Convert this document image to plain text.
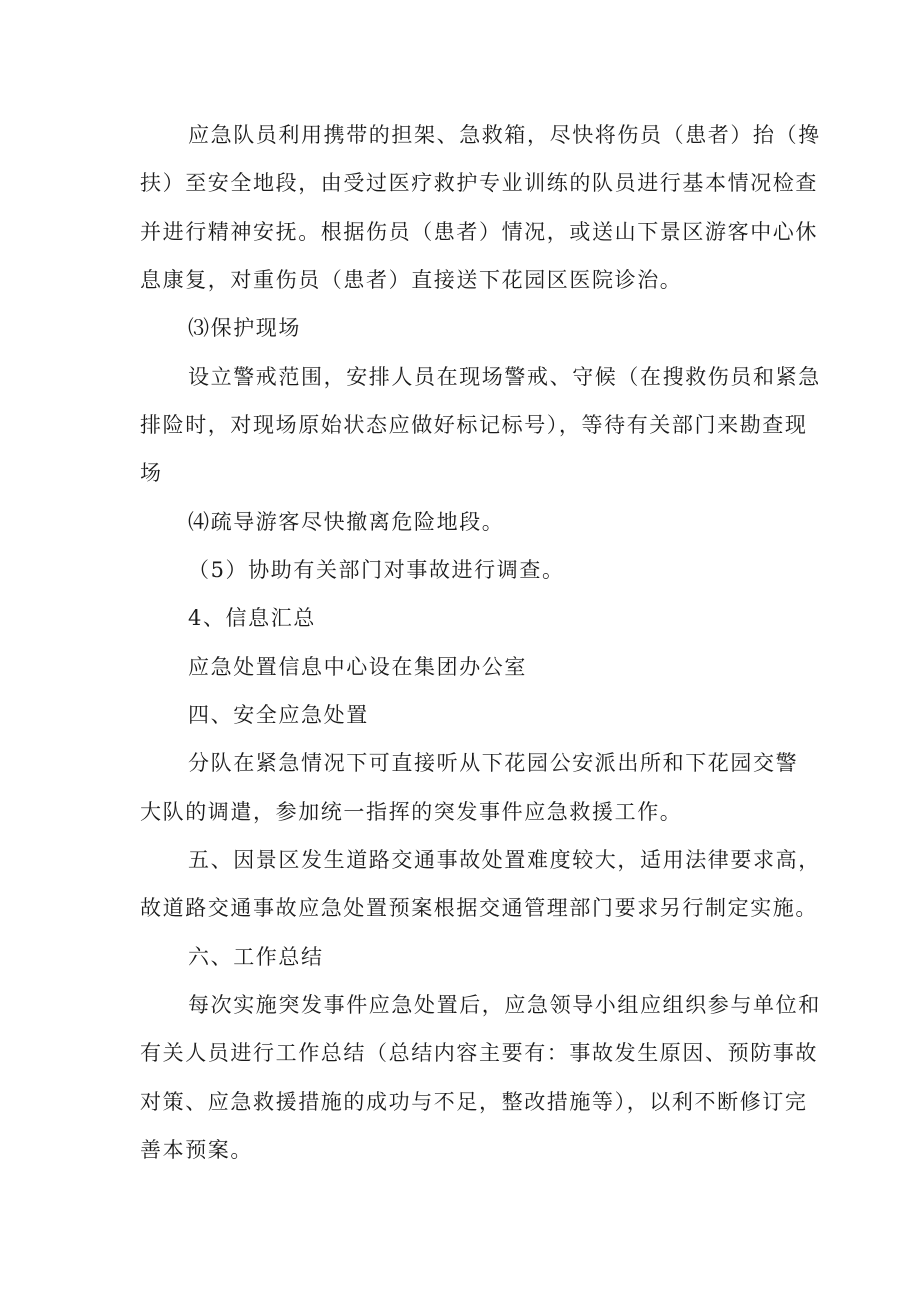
应急队员利用携带的担架、急救箱，尽快将伤员（患者）抬（搀
扶）至安全地段，由受过医疗救护专业训练的队员进行基本情况检查
并进行精神安抚。根据伤员（患者）情况，或送山下景区游客中心休
息康复，对重伤员（患者）直接送下花园区医院诊治。
⑶保护现场
设立警戒范围，安排人员在现场警戒、守候（在搜救伤员和紧急
排险时，对现场原始状态应做好标记标号），等待有关部门来勘查现
场
⑷疏导游客尽快撤离危险地段。
（5）协助有关部门对事故进行调查。
4、信息汇总
应急处置信息中心设在集团办公室
四、安全应急处置
分队在紧急情况下可直接听从下花园公安派出所和下花园交警
大队的调遣，参加统一指挥的突发事件应急救援工作。
五、因景区发生道路交通事故处置难度较大，适用法律要求高，
故道路交通事故应急处置预案根据交通管理部门要求另行制定实施。
六、工作总结
每次实施突发事件应急处置后，应急领导小组应组织参与单位和
有关人员进行工作总结（总结内容主要有：事故发生原因、预防事故
对策、应急救援措施的成功与不足，整改措施等），以利不断修订完
善本预案。
